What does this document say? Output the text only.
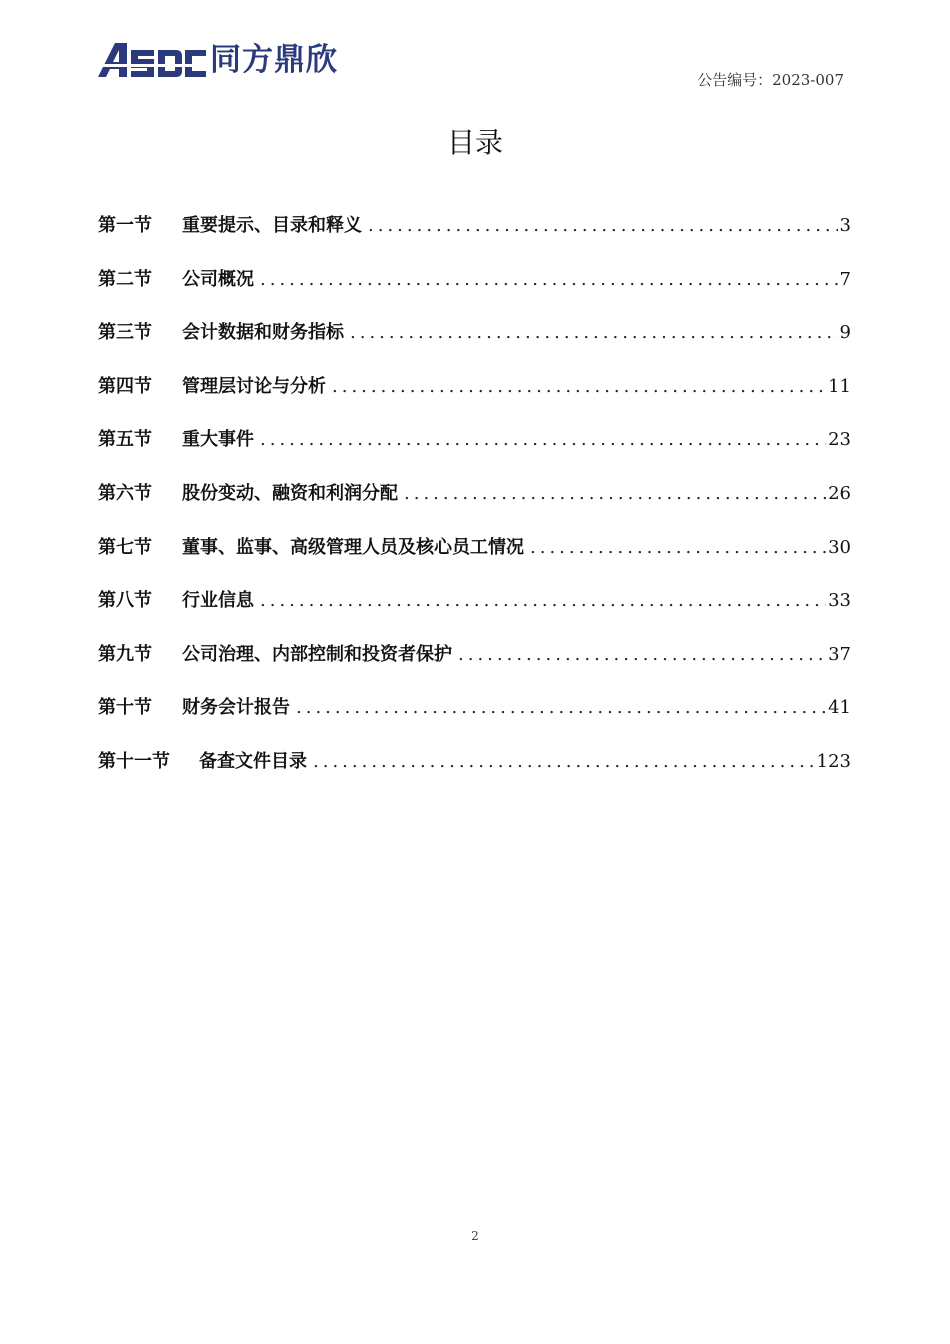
同方鼎欣
公告编号：2023-007
目录
第一节	重要提示、目录和释义 .....	3
第二节	公司概况 .....	7
第三节	会计数据和财务指标 .....	9
第四节	管理层讨论与分析 .....	11
第五节	重大事件 .....	23
第六节	股份变动、融资和利润分配 .....	26
第七节	董事、监事、高级管理人员及核心员工情况 .....	30
第八节	行业信息 .....	33
第九节	公司治理、内部控制和投资者保护 .....	37
第十节	财务会计报告 .....	41
第十一节	备查文件目录 .....	123
2
